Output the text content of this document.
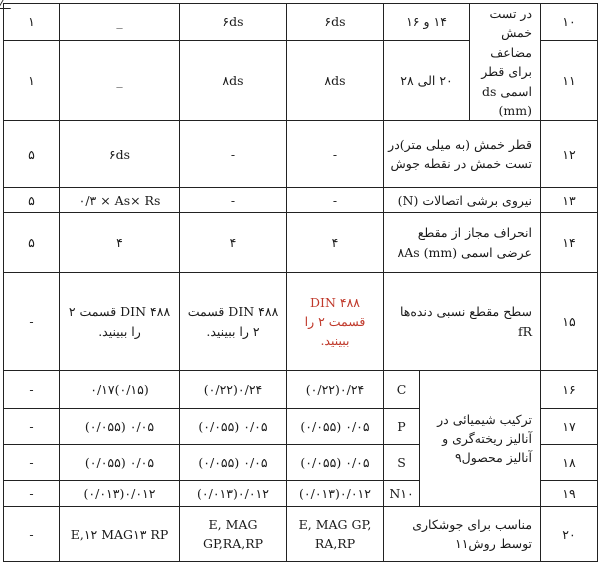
۱	_	۶ds	۶ds	۱۴ و ۱۶		در تست خمش مضاعف برای قطر اسمی ds (mm)	۱۰
۱	_	۸ds	۸ds	۲۰ الی ۲۸			۱۱
۵	۶ds	-	-	قطر خمش (به میلی متر)در تست خمش در نقطه جوش			۱۲
۵	۰/۳ × As× Rs	-	-	نیروی برشی اتصالات (N)			۱۳
۵	۴	۴	۴	انحراف مجاز از مقطع عرضی اسمی ۸As (mm)			۱۴
-	DIN ۴۸۸ قسمت ۲ را ببینید.	DIN ۴۸۸ قسمت ۲ را ببینید.	DIN ۴۸۸ قسمت ۲ را ببینید.	سطح مقطع نسبی دنده‌ها fR			۱۵
-	(۰/۱۵)۰/۱۷	۰/۲۴(۰/۲۲)	۰/۲۴(۰/۲۲)	C	ترکیب شیمیائی در آنالیز ریخته‌گری و آنالیز محصول۹		۱۶
-	۰/۰۵ (۰/۰۵۵)	۰/۰۵ (۰/۰۵۵)	۰/۰۵ (۰/۰۵۵)	P			۱۷
-	۰/۰۵ (۰/۰۵۵)	۰/۰۵ (۰/۰۵۵)	۰/۰۵ (۰/۰۵۵)	S			۱۸
-	۰/۰۱۲(۰/۰۱۳)	۰/۰۱۲(۰/۰۱۳)	۰/۰۱۲(۰/۰۱۳)	N۱۰			۱۹
-	E,۱۲ MAG۱۳ RP	E, MAG GP,RA,RP	E, MAG GP, RA,RP	مناسب برای جوشکاری توسط روش۱۱			۲۰
